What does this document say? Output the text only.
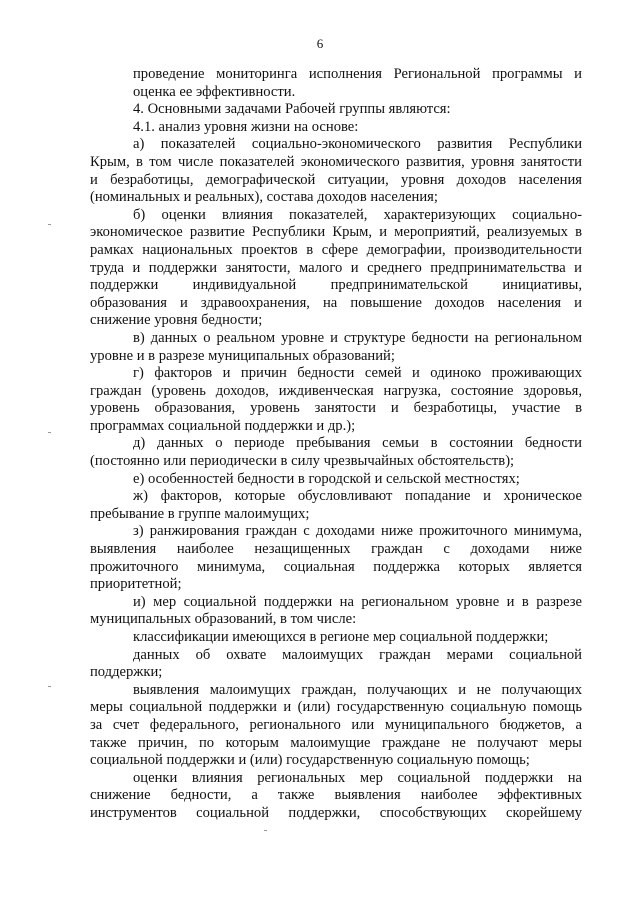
6
проведение мониторинга исполнения Региональной программы и
оценка ее эффективности.
4. Основными задачами Рабочей группы являются:
4.1. анализ уровня жизни на основе:
а) показателей социально-экономического развития Республики
Крым, в том числе показателей экономического развития, уровня занятости
и безработицы, демографической ситуации, уровня доходов населения
(номинальных и реальных), состава доходов населения;
б) оценки влияния показателей, характеризующих социально-
экономическое развитие Республики Крым, и мероприятий, реализуемых в
рамках национальных проектов в сфере демографии, производительности
труда и поддержки занятости, малого и среднего предпринимательства и
поддержки индивидуальной предпринимательской инициативы,
образования и здравоохранения, на повышение доходов населения и
снижение уровня бедности;
в) данных о реальном уровне и структуре бедности на региональном
уровне и в разрезе муниципальных образований;
г) факторов и причин бедности семей и одиноко проживающих
граждан (уровень доходов, иждивенческая нагрузка, состояние здоровья,
уровень образования, уровень занятости и безработицы, участие в
программах социальной поддержки и др.);
д) данных о периоде пребывания семьи в состоянии бедности
(постоянно или периодически в силу чрезвычайных обстоятельств);
е) особенностей бедности в городской и сельской местностях;
ж) факторов, которые обусловливают попадание и хроническое
пребывание в группе малоимущих;
з) ранжирования граждан с доходами ниже прожиточного минимума,
выявления наиболее незащищенных граждан с доходами ниже
прожиточного минимума, социальная поддержка которых является
приоритетной;
и) мер социальной поддержки на региональном уровне и в разрезе
муниципальных образований, в том числе:
классификации имеющихся в регионе мер социальной поддержки;
данных об охвате малоимущих граждан мерами социальной
поддержки;
выявления малоимущих граждан, получающих и не получающих
меры социальной поддержки и (или) государственную социальную помощь
за счет федерального, регионального или муниципального бюджетов, а
также причин, по которым малоимущие граждане не получают меры
социальной поддержки и (или) государственную социальную помощь;
оценки влияния региональных мер социальной поддержки на
снижение бедности, а также выявления наиболее эффективных
инструментов социальной поддержки, способствующих скорейшему
